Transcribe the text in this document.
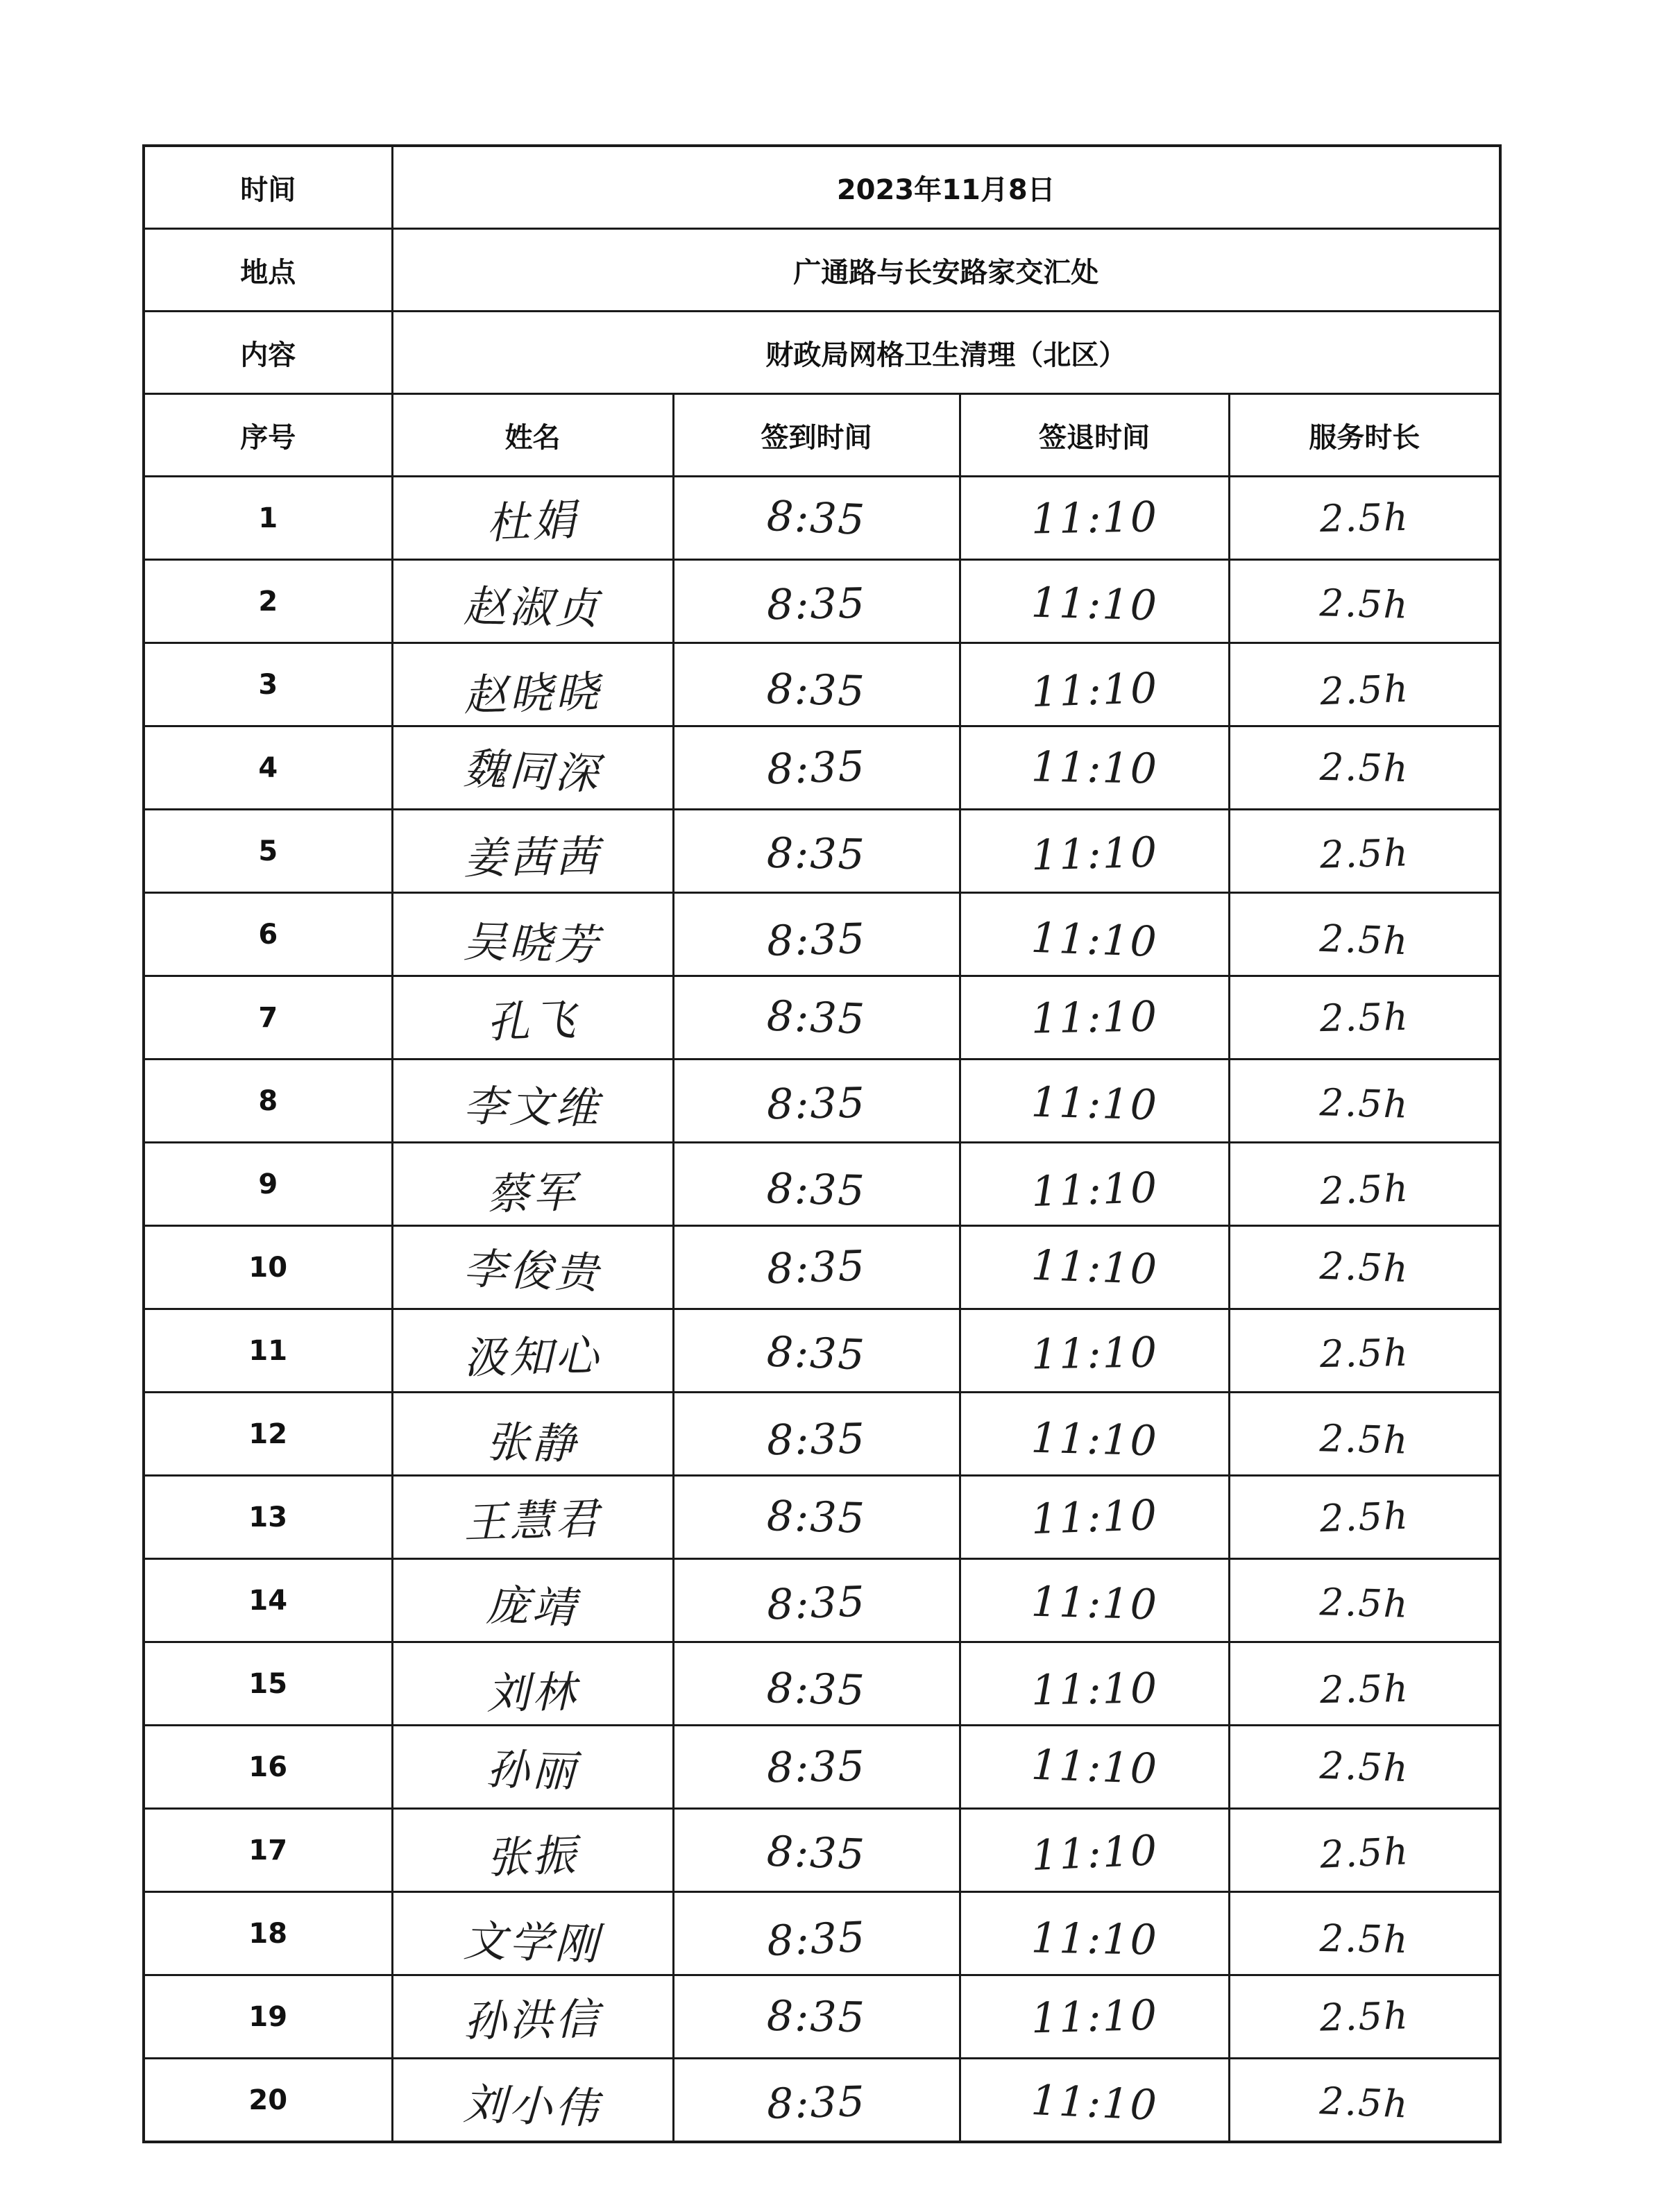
时间	2023年11月8日			
地点	广通路与长安路家交汇处			
内容	财政局网格卫生清理（北区）			
序号	姓名	签到时间	签退时间	服务时长
1	杜娟	8:35	11:10	2.5h
2	赵淑贞	8:35	11:10	2.5h
3	赵晓晓	8:35	11:10	2.5h
4	魏同深	8:35	11:10	2.5h
5	姜茜茜	8:35	11:10	2.5h
6	吴晓芳	8:35	11:10	2.5h
7	孔飞	8:35	11:10	2.5h
8	李文维	8:35	11:10	2.5h
9	蔡军	8:35	11:10	2.5h
10	李俊贵	8:35	11:10	2.5h
11	汲知心	8:35	11:10	2.5h
12	张静	8:35	11:10	2.5h
13	王慧君	8:35	11:10	2.5h
14	庞靖	8:35	11:10	2.5h
15	刘林	8:35	11:10	2.5h
16	孙丽	8:35	11:10	2.5h
17	张振	8:35	11:10	2.5h
18	文学刚	8:35	11:10	2.5h
19	孙洪信	8:35	11:10	2.5h
20	刘小伟	8:35	11:10	2.5h
